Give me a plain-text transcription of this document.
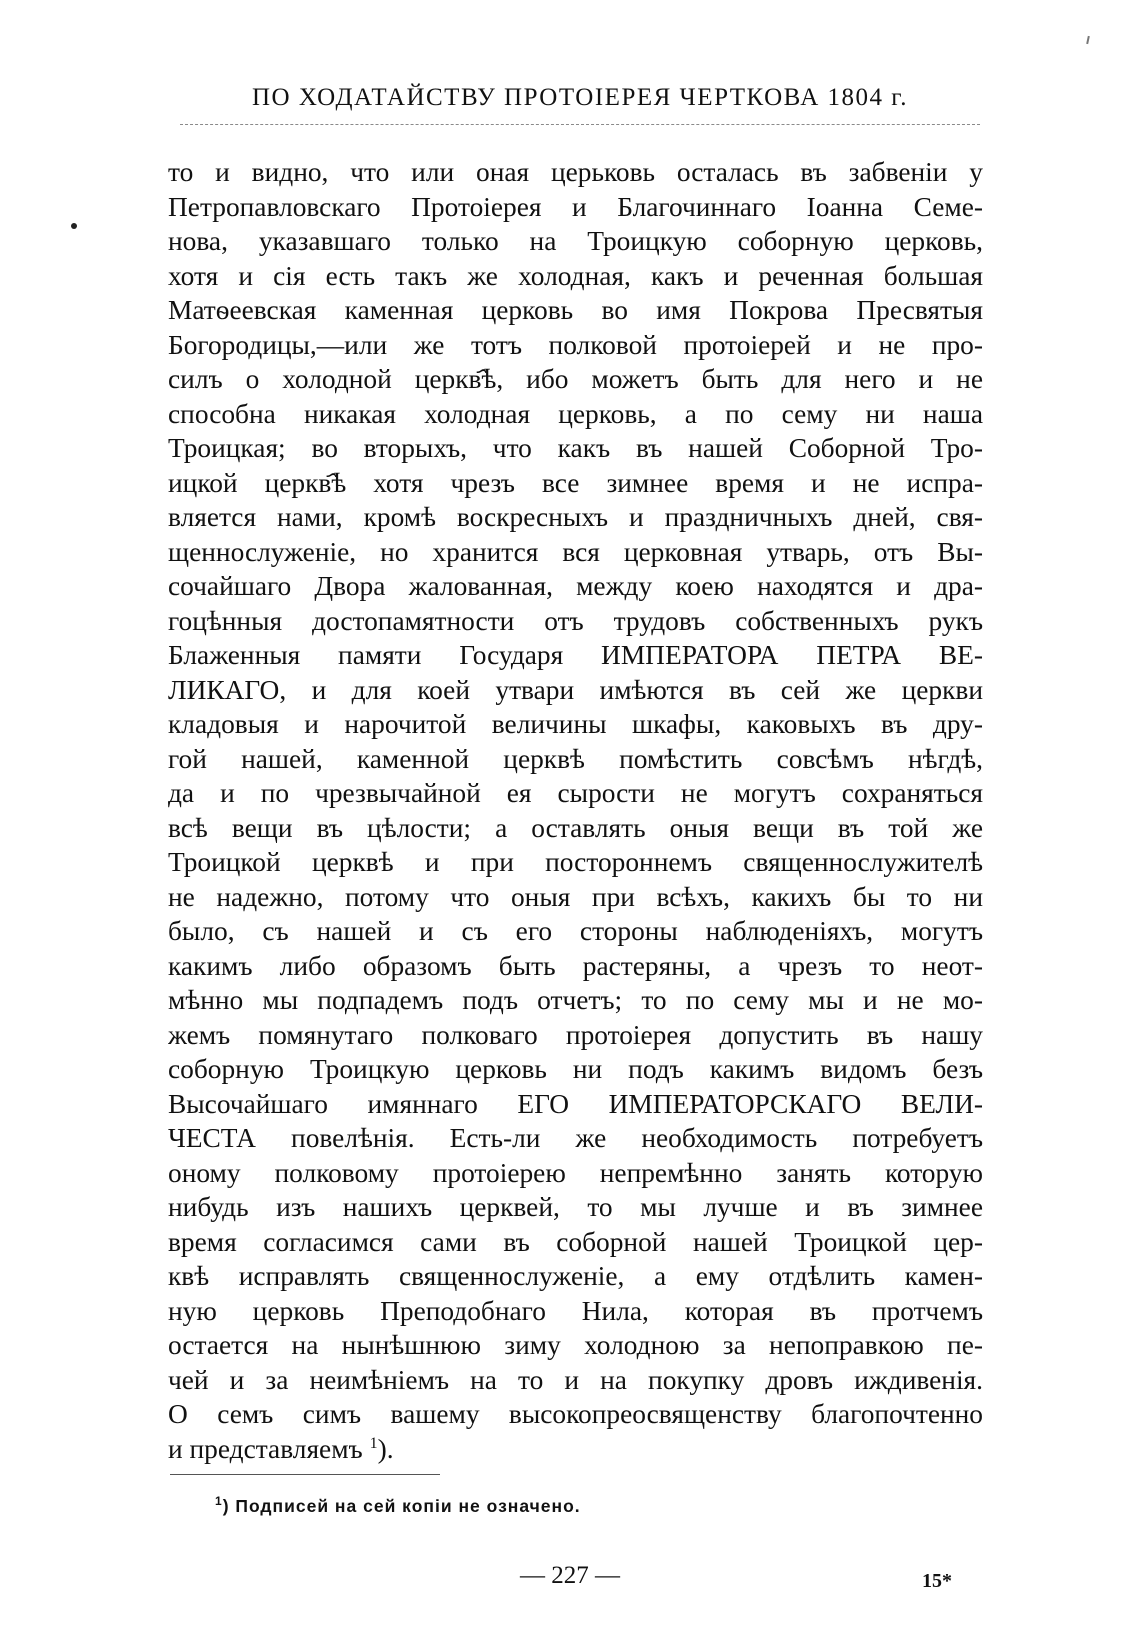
ПО ХОДАТАЙСТВУ ПРОТОІЕРЕЯ ЧЕРТКОВА 1804 г.
то и видно, что или оная церьковь осталась въ забвеніи у
Петропавловскаго Протоіерея и Благочиннаго Іоанна Семе-
нова, указавшаго только на Троицкую соборную церковь,
хотя и сія есть такъ же холодная, какъ и реченная большая
Матѳеевская каменная церковь во имя Покрова Пресвятыя
Богородицы,—или же тотъ полковой протоіерей и не про-
силъ о холодной церкв҄ѣ, ибо можетъ быть для него и не
способна никакая холодная церковь, а по сему ни наша
Троицкая; во вторыхъ, что какъ въ нашей Соборной Тро-
ицкой церкв҄ѣ хотя чрезъ все зимнее время и не испра-
вляется нами, кромѣ воскресныхъ и праздничныхъ дней, свя-
щеннослуженіе, но хранится вся церковная утварь, отъ Вы-
сочайшаго Двора жалованная, между коею находятся и дра-
гоцѣнныя достопамятности отъ трудовъ собственныхъ рукъ
Блаженныя памяти Государя ИМПЕРАТОРА ПЕТРА ВЕ-
ЛИКАГО, и для коей утвари имѣются въ сей же церкви
кладовыя и нарочитой величины шкафы, каковыхъ въ дру-
гой нашей, каменной церквѣ помѣстить совсѣмъ нѣгдѣ,
да и по чрезвычайной ея сырости не могутъ сохраняться
всѣ вещи въ цѣлости; а оставлять оныя вещи въ той же
Троицкой церквѣ и при постороннемъ священнослужителѣ
не надежно, потому что оныя при всѣхъ, какихъ бы то ни
было, съ нашей и съ его стороны наблюденіяхъ, могутъ
какимъ либо образомъ быть растеряны, а чрезъ то неот-
мѣнно мы подпадемъ подъ отчетъ; то по сему мы и не мо-
жемъ помянутаго полковаго протоіерея допустить въ нашу
соборную Троицкую церковь ни подъ какимъ видомъ безъ
Высочайшаго имяннаго ЕГО ИМПЕРАТОРСКАГО ВЕЛИ-
ЧЕСТА повелѣнія. Есть-ли же необходимость потребуетъ
оному полковому протоіерею непремѣнно занять которую
нибудь изъ нашихъ церквей, то мы лучше и въ зимнее
время согласимся сами въ соборной нашей Троицкой цер-
квѣ исправлять священнослуженіе, а ему отдѣлить камен-
ную церковь Преподобнаго Нила, которая въ протчемъ
остается на нынѣшнюю зиму холодною за непоправкою пе-
чей и за неимѣніемъ на то и на покупку дровъ иждивенія.
О семъ симъ вашему высокопреосвященству благопочтенно
и представляемъ $^1$).
$^1$) Подписей на сей копіи не означено.
— 227 —	15*
